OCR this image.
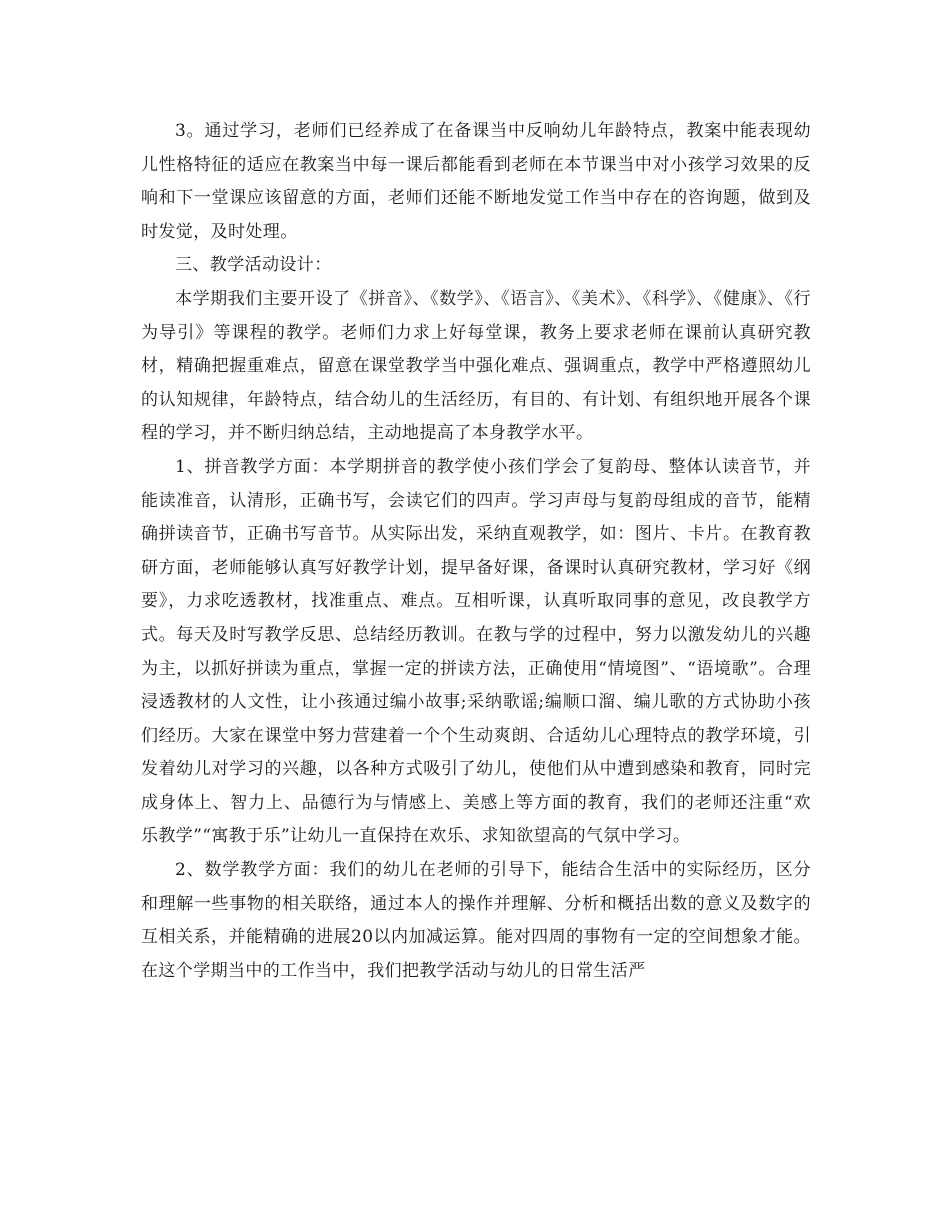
3。通过学习，老师们已经养成了在备课当中反响幼儿年龄特点，教案中能表现幼儿性格特征的适应在教案当中每一课后都能看到老师在本节课当中对小孩学习效果的反响和下一堂课应该留意的方面，老师们还能不断地发觉工作当中存在的咨询题，做到及时发觉，及时处理。

三、教学活动设计：

本学期我们主要开设了《拼音》、《数学》、《语言》、《美术》、《科学》、《健康》、《行为导引》等课程的教学。老师们力求上好每堂课，教务上要求老师在课前认真研究教材，精确把握重难点，留意在课堂教学当中强化难点、强调重点，教学中严格遵照幼儿的认知规律，年龄特点，结合幼儿的生活经历，有目的、有计划、有组织地开展各个课程的学习，并不断归纳总结，主动地提高了本身教学水平。

1、拼音教学方面：本学期拼音的教学使小孩们学会了复韵母、整体认读音节，并能读准音，认清形，正确书写，会读它们的四声。学习声母与复韵母组成的音节，能精确拼读音节，正确书写音节。从实际出发，采纳直观教学，如：图片、卡片。在教育教研方面，老师能够认真写好教学计划，提早备好课，备课时认真研究教材，学习好《纲要》，力求吃透教材，找准重点、难点。互相听课，认真听取同事的意见，改良教学方式。每天及时写教学反思、总结经历教训。在教与学的过程中，努力以激发幼儿的兴趣为主，以抓好拼读为重点，掌握一定的拼读方法，正确使用“情境图”、“语境歌”。合理浸透教材的人文性，让小孩通过编小故事;采纳歌谣;编顺口溜、编儿歌的方式协助小孩们经历。大家在课堂中努力营建着一个个生动爽朗、合适幼儿心理特点的教学环境，引发着幼儿对学习的兴趣，以各种方式吸引了幼儿，使他们从中遭到感染和教育，同时完成身体上、智力上、品德行为与情感上、美感上等方面的教育，我们的老师还注重“欢乐教学”“寓教于乐”让幼儿一直保持在欢乐、求知欲望高的气氛中学习。

2、数学教学方面：我们的幼儿在老师的引导下，能结合生活中的实际经历，区分和理解一些事物的相关联络，通过本人的操作并理解、分析和概括出数的意义及数字的互相关系，并能精确的进展20以内加减运算。能对四周的事物有一定的空间想象才能。在这个学期当中的工作当中，我们把教学活动与幼儿的日常生活严
